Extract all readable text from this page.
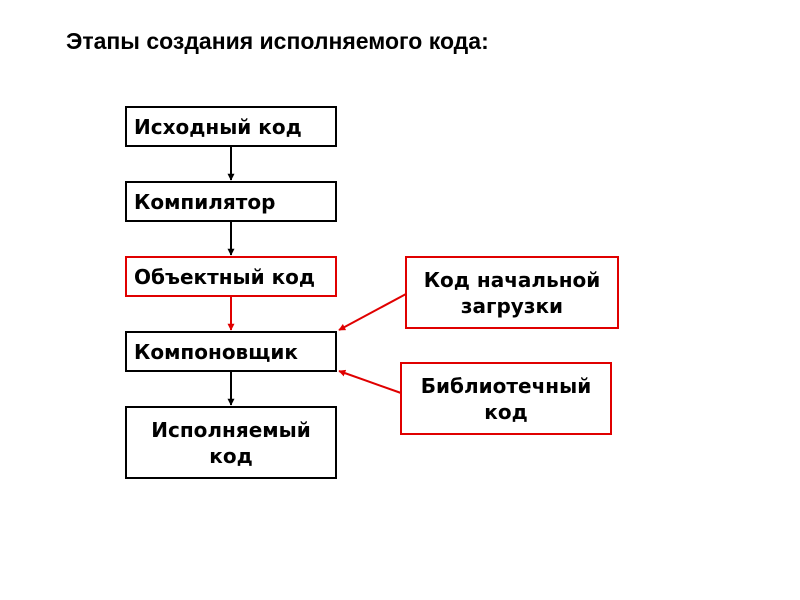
Этапы создания исполняемого кода:
Исходный код
Компилятор
Объектный код
Компоновщик
Исполняемый код
Код начальной загрузки
Библиотечный код
